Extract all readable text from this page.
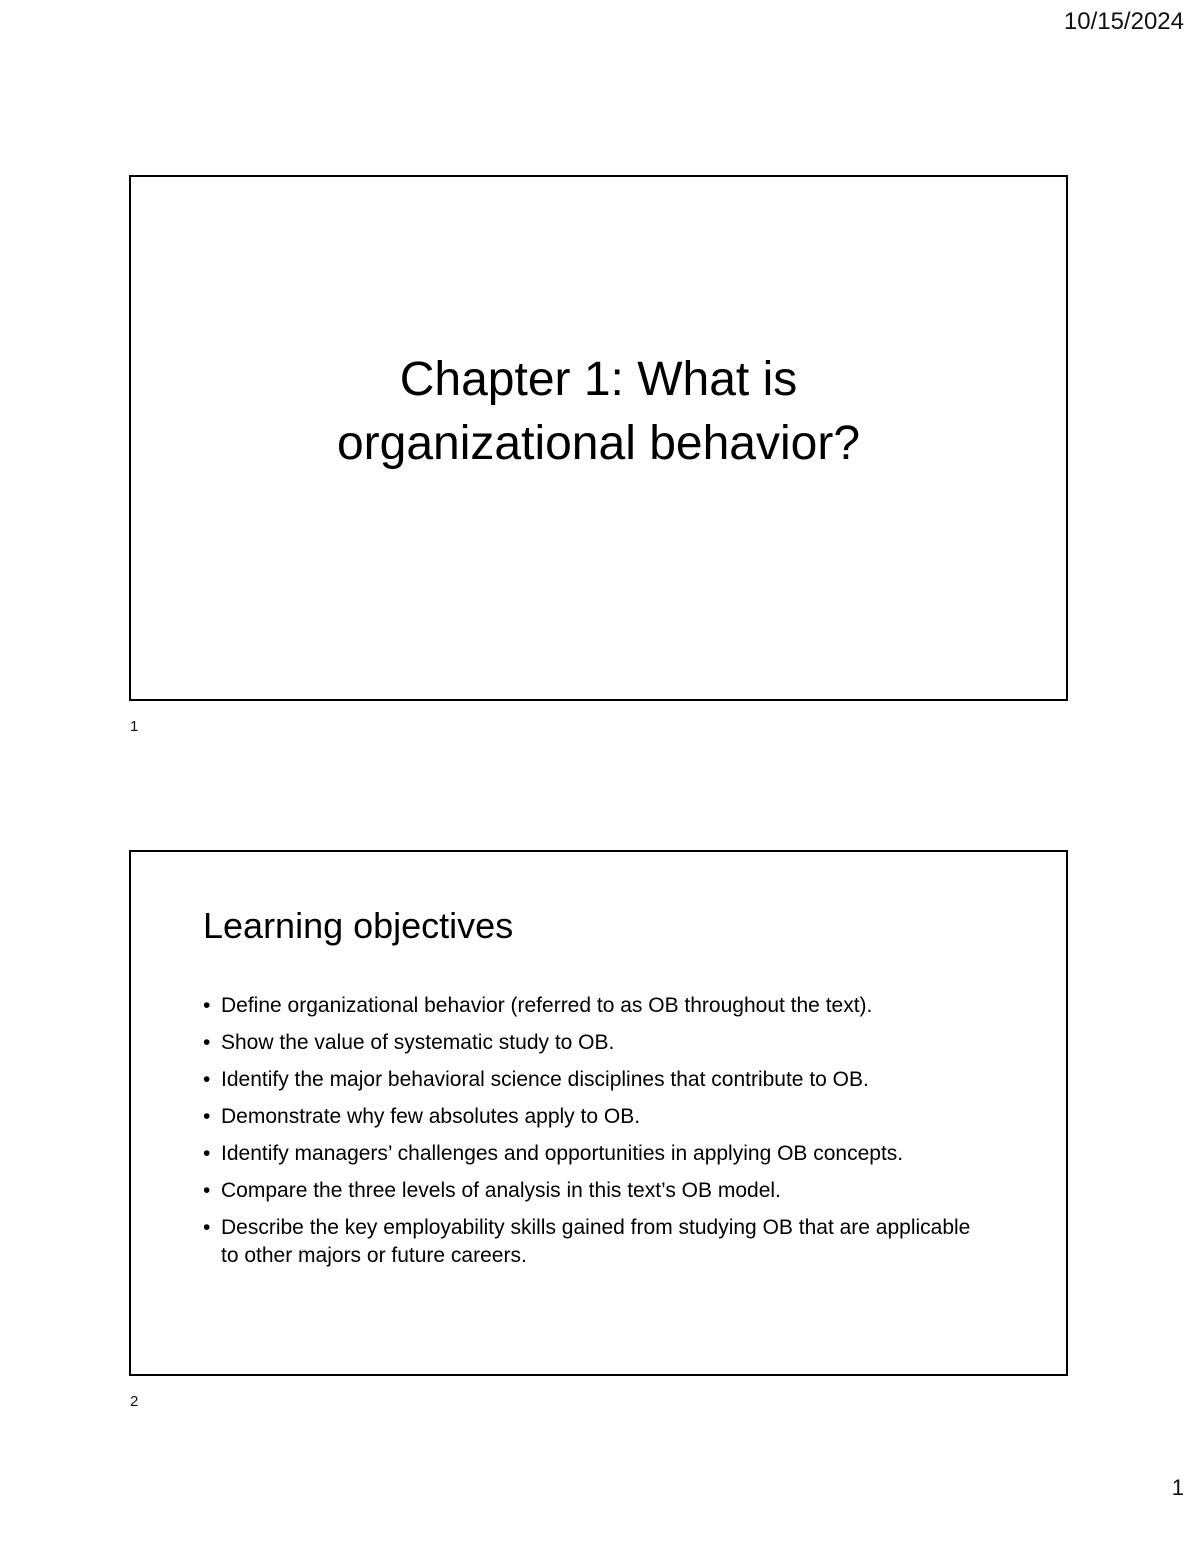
10/15/2024
Chapter 1: What is
organizational behavior?
1
Learning objectives
• Define organizational behavior (referred to as OB throughout the text).
• Show the value of systematic study to OB.
• Identify the major behavioral science disciplines that contribute to OB.
• Demonstrate why few absolutes apply to OB.
• Identify managers’ challenges and opportunities in applying OB concepts.
• Compare the three levels of analysis in this text’s OB model.
• Describe the key employability skills gained from studying OB that are applicable to other majors or future careers.
2
1
